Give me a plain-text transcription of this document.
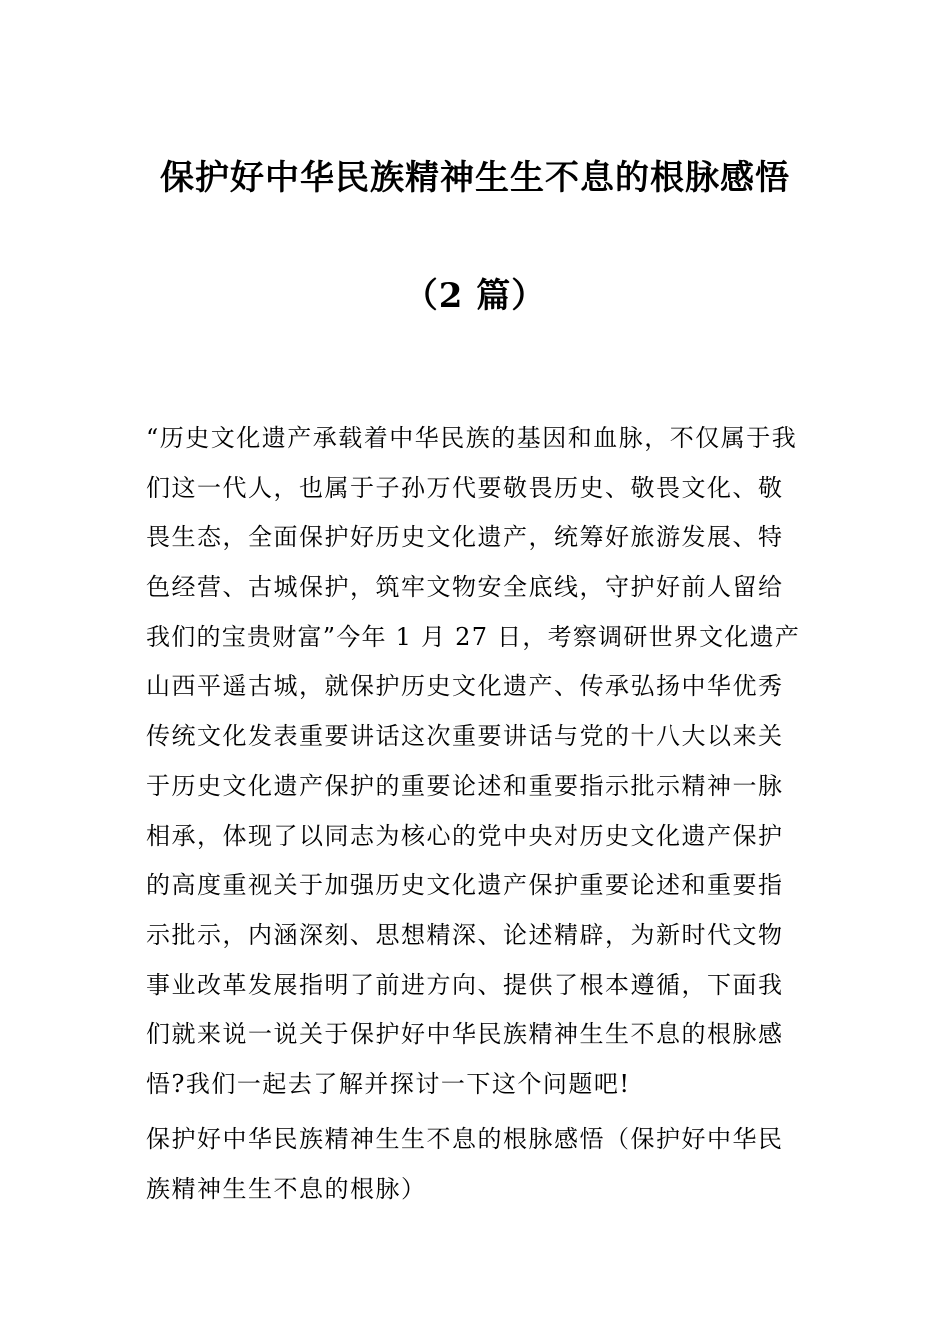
保护好中华民族精神生生不息的根脉感悟
（2 篇）
“历史文化遗产承载着中华民族的基因和血脉，不仅属于我
们这一代人，也属于子孙万代要敬畏历史、敬畏文化、敬
畏生态，全面保护好历史文化遗产，统筹好旅游发展、特
色经营、古城保护，筑牢文物安全底线，守护好前人留给
我们的宝贵财富”今年 1 月 27 日，考察调研世界文化遗产
山西平遥古城，就保护历史文化遗产、传承弘扬中华优秀
传统文化发表重要讲话这次重要讲话与党的十八大以来关
于历史文化遗产保护的重要论述和重要指示批示精神一脉
相承，体现了以同志为核心的党中央对历史文化遗产保护
的高度重视关于加强历史文化遗产保护重要论述和重要指
示批示，内涵深刻、思想精深、论述精辟，为新时代文物
事业改革发展指明了前进方向、提供了根本遵循，下面我
们就来说一说关于保护好中华民族精神生生不息的根脉感
悟?我们一起去了解并探讨一下这个问题吧!
保护好中华民族精神生生不息的根脉感悟（保护好中华民
族精神生生不息的根脉）
